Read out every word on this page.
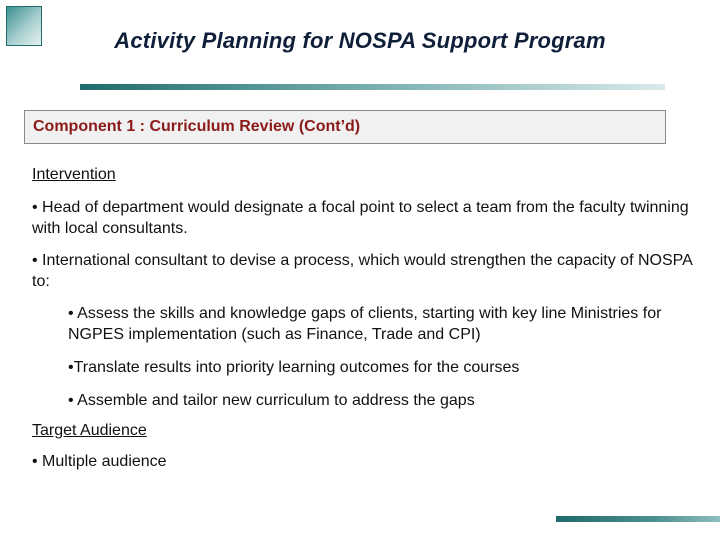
Activity Planning for NOSPA Support Program

Component 1 : Curriculum Review (Cont’d)

Intervention

• Head of department would designate a focal point to select a team from the faculty twinning with local consultants.

• International consultant to devise a process, which would strengthen the capacity of NOSPA to:

• Assess the skills and knowledge gaps of clients, starting with key line Ministries for NGPES implementation (such as Finance, Trade and CPI)

•Translate results into priority learning outcomes for the courses

• Assemble and tailor new curriculum to address the gaps

Target Audience

• Multiple audience
